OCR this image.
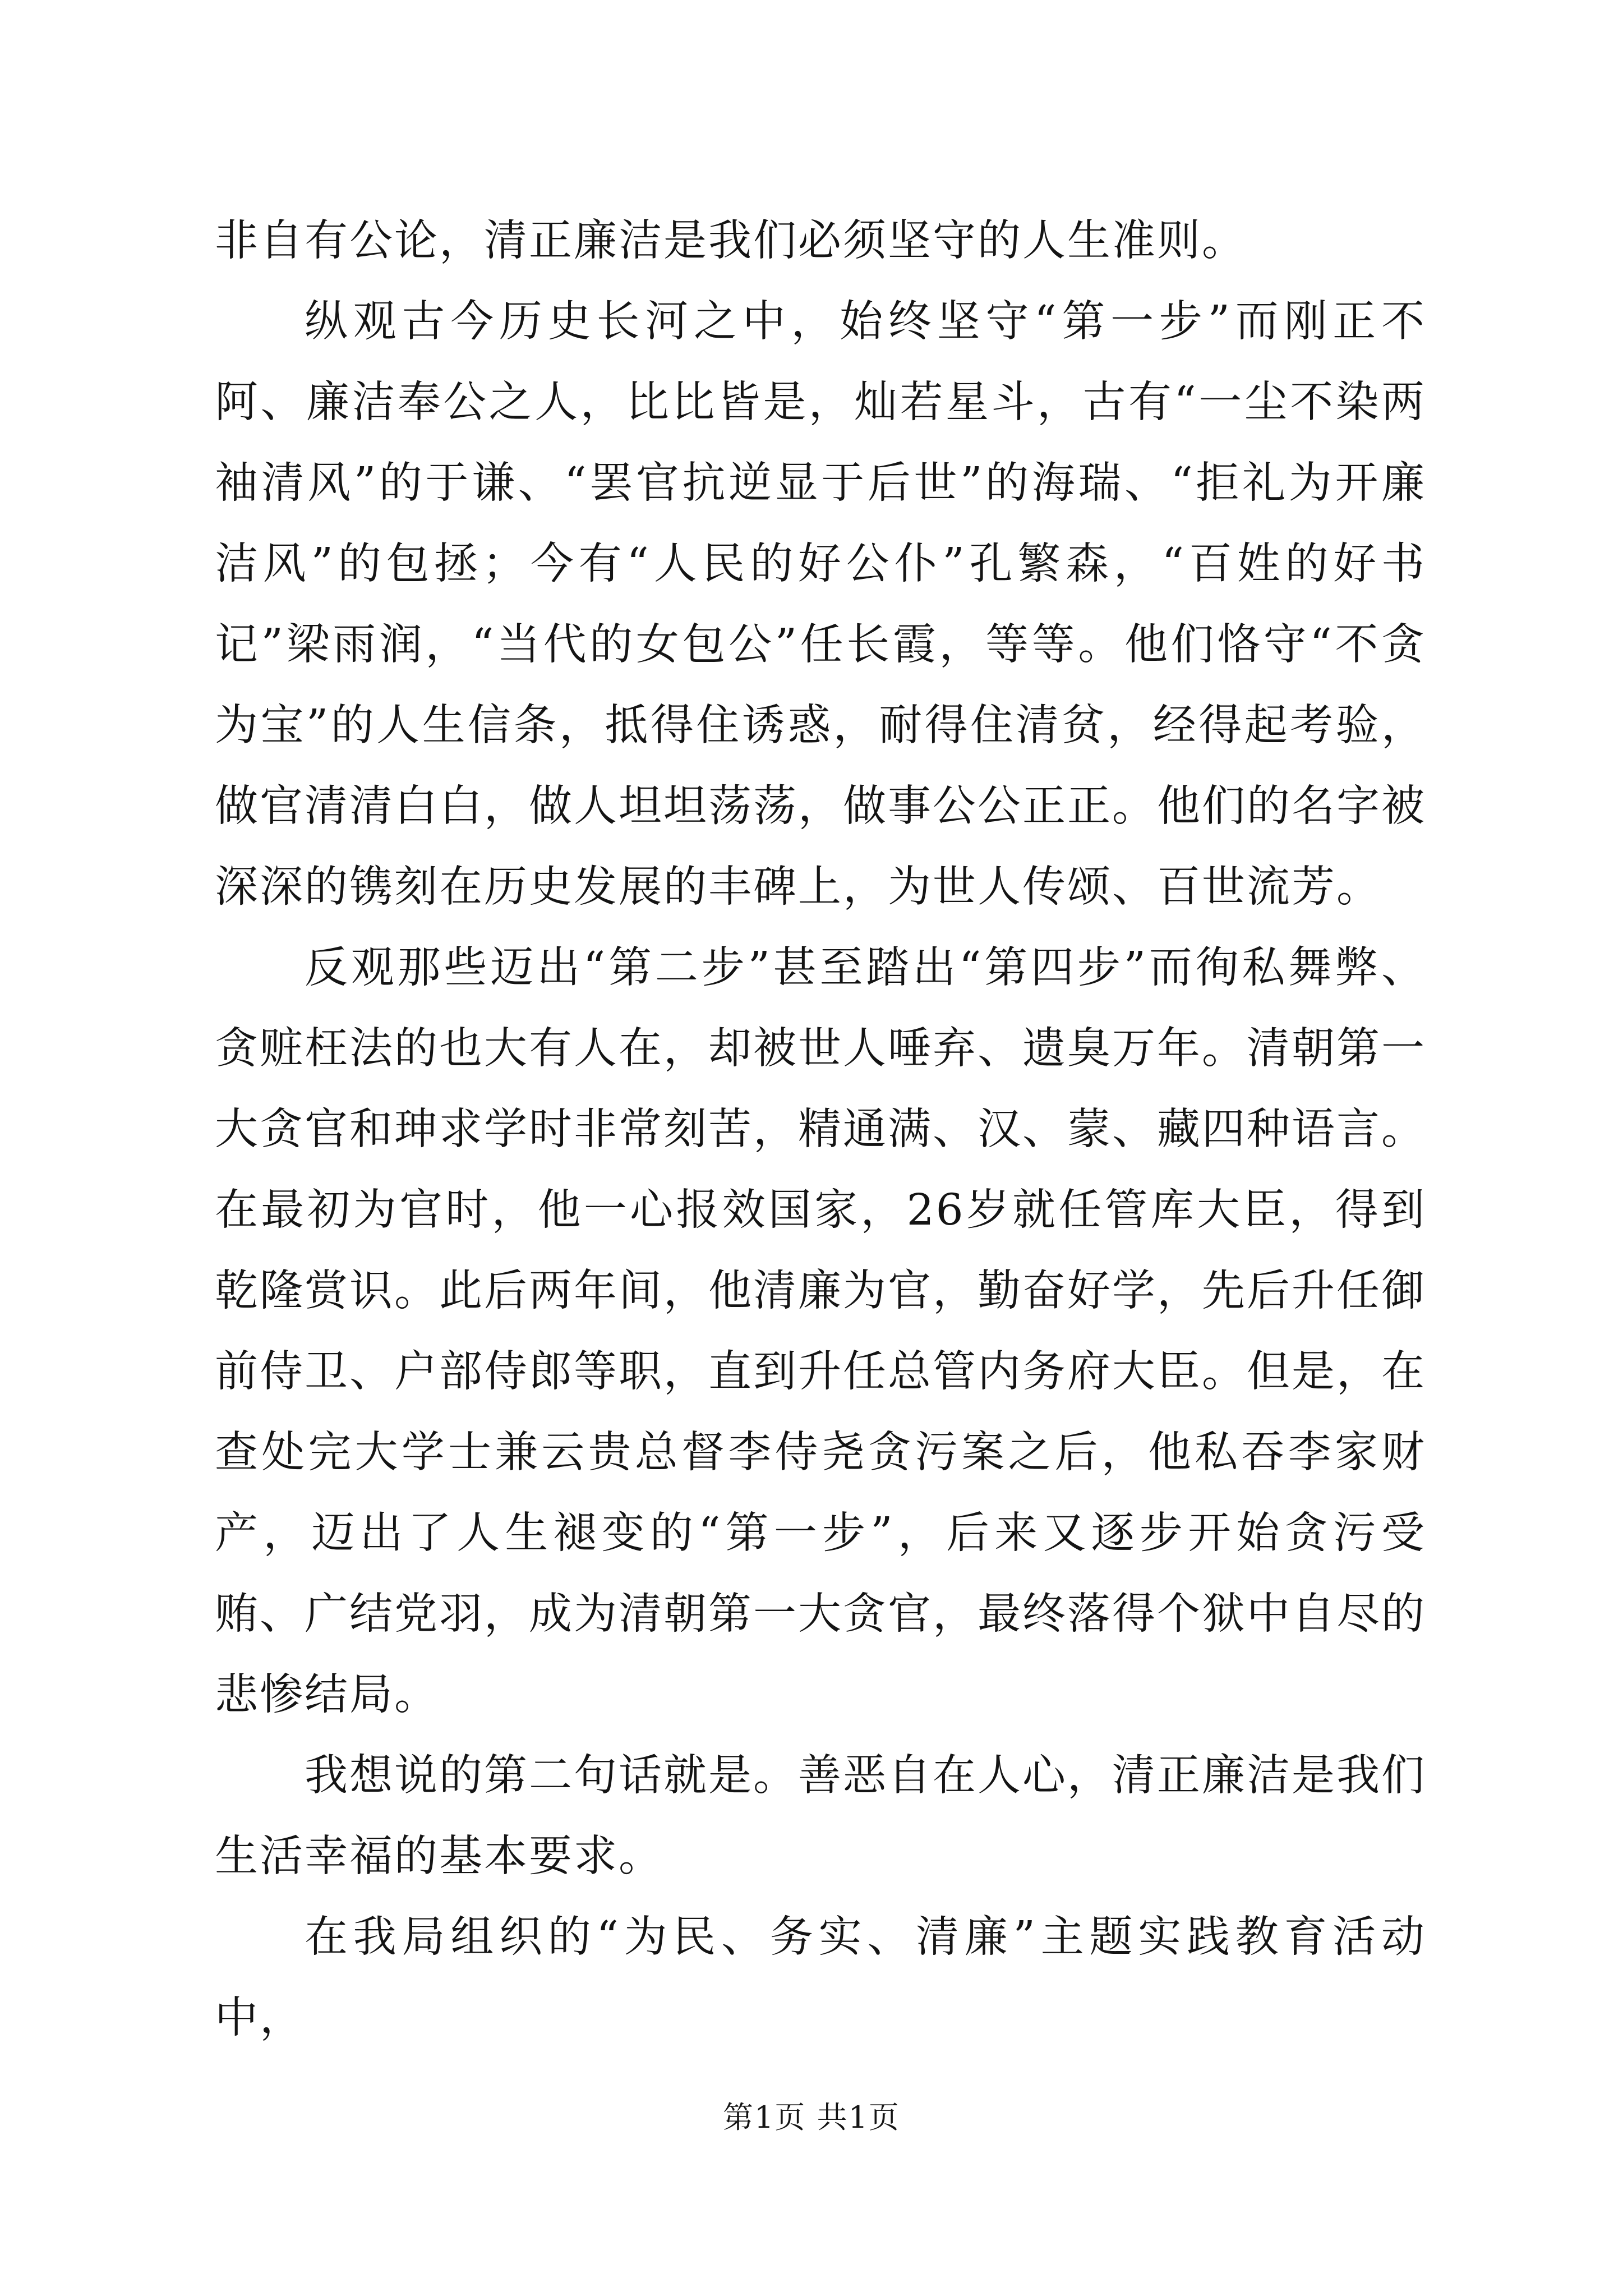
非自有公论，清正廉洁是我们必须坚守的人生准则。

纵观古今历史长河之中，始终坚守“第一步”而刚正不阿、廉洁奉公之人，比比皆是，灿若星斗，古有“一尘不染两袖清风”的于谦、“罢官抗逆显于后世”的海瑞、“拒礼为开廉洁风”的包拯；今有“人民的好公仆”孔繁森，“百姓的好书记”梁雨润，“当代的女包公”任长霞，等等。他们恪守“不贪为宝”的人生信条，抵得住诱惑，耐得住清贫，经得起考验，做官清清白白，做人坦坦荡荡，做事公公正正。他们的名字被深深的镌刻在历史发展的丰碑上，为世人传颂、百世流芳。

反观那些迈出“第二步”甚至踏出“第四步”而徇私舞弊、贪赃枉法的也大有人在，却被世人唾弃、遗臭万年。清朝第一大贪官和珅求学时非常刻苦，精通满、汉、蒙、藏四种语言。在最初为官时，他一心报效国家，26岁就任管库大臣，得到乾隆赏识。此后两年间，他清廉为官，勤奋好学，先后升任御前侍卫、户部侍郎等职，直到升任总管内务府大臣。但是，在查处完大学士兼云贵总督李侍尧贪污案之后，他私吞李家财产，迈出了人生褪变的“第一步”，后来又逐步开始贪污受贿、广结党羽，成为清朝第一大贪官，最终落得个狱中自尽的悲惨结局。

我想说的第二句话就是。善恶自在人心，清正廉洁是我们生活幸福的基本要求。

在我局组织的“为民、务实、清廉”主题实践教育活动中，

第1页 共1页
